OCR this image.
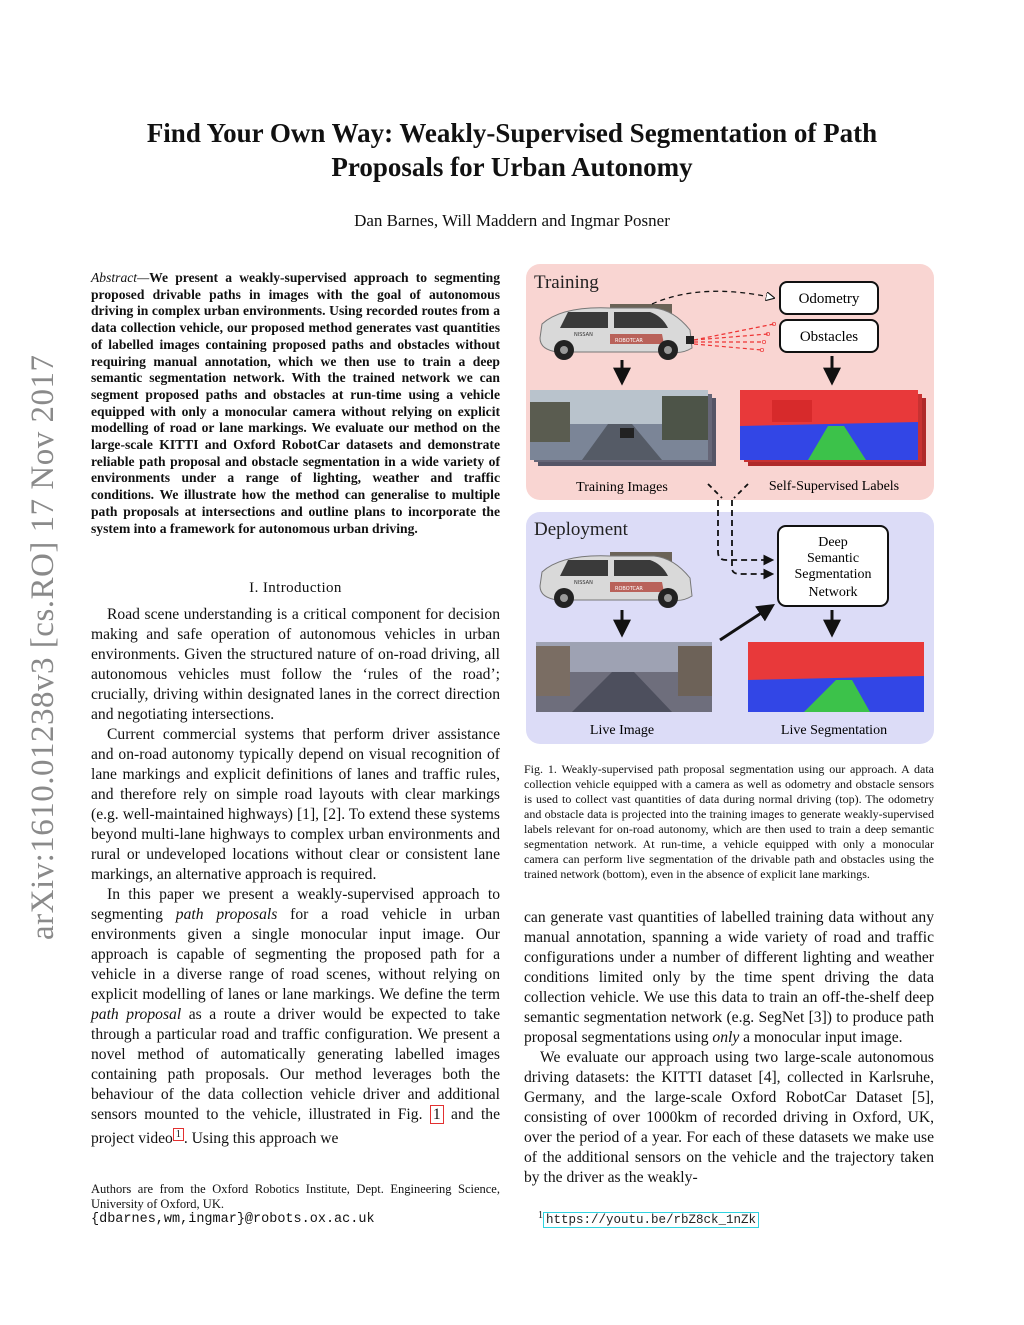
arXiv:1610.01238v3 [cs.RO] 17 Nov 2017
Find Your Own Way: Weakly-Supervised Segmentation of Path
Proposals for Urban Autonomy
Dan Barnes, Will Maddern and Ingmar Posner
Abstract—We present a weakly-supervised approach to segmenting proposed drivable paths in images with the goal of autonomous driving in complex urban environments. Using recorded routes from a data collection vehicle, our proposed method generates vast quantities of labelled images containing proposed paths and obstacles without requiring manual annotation, which we then use to train a deep semantic segmentation network. With the trained network we can segment proposed paths and obstacles at run-time using a vehicle equipped with only a monocular camera without relying on explicit modelling of road or lane markings. We evaluate our method on the large-scale KITTI and Oxford RobotCar datasets and demonstrate reliable path proposal and obstacle segmentation in a wide variety of environments under a range of lighting, weather and traffic conditions. We illustrate how the method can generalise to multiple path proposals at intersections and outline plans to incorporate the system into a framework for autonomous urban driving.
I. Introduction

Road scene understanding is a critical component for decision making and safe operation of autonomous vehicles in urban environments. Given the structured nature of on-road driving, all autonomous vehicles must follow the ‘rules of the road’; crucially, driving within designated lanes in the correct direction and negotiating intersections.

Current commercial systems that perform driver assistance and on-road autonomy typically depend on visual recognition of lane markings and explicit definitions of lanes and traffic rules, and therefore rely on simple road layouts with clear markings (e.g. well-maintained highways) [1], [2]. To extend these systems beyond multi-lane highways to complex urban environments and rural or undeveloped locations without clear or consistent lane markings, an alternative approach is required.

In this paper we present a weakly-supervised approach to segmenting path proposals for a road vehicle in urban environments given a single monocular input image. Our approach is capable of segmenting the proposed path for a vehicle in a diverse range of road scenes, without relying on explicit modelling of lanes or lane markings. We define the term path proposal as a route a driver would be expected to take through a particular road and traffic configuration. We present a novel method of automatically generating labelled images containing path proposals. Our method leverages both the behaviour of the data collection vehicle driver and additional sensors mounted to the vehicle, illustrated in Fig. 1 and the project video $^1$ . Using this approach we

Authors are from the Oxford Robotics Institute, Dept. Engineering Science, University of Oxford, UK.
{dbarnes,wm,ingmar}@robots.ox.ac.uk
Training
NISSAN
ROBOTCAR
Odometry
Obstacles
Training Images	Self-Supervised Labels
Deployment
Deep
Semantic
Segmentation
Network
NISSAN
ROBOTCAR
Live Image	Live Segmentation
Fig. 1. Weakly-supervised path proposal segmentation using our approach. A data collection vehicle equipped with a camera as well as odometry and obstacle sensors is used to collect vast quantities of data during normal driving (top). The odometry and obstacle data is projected into the training images to generate weakly-supervised labels relevant for on-road autonomy, which are then used to train a deep semantic segmentation network. At run-time, a vehicle equipped with only a monocular camera can perform live segmentation of the drivable path and obstacles using the trained network (bottom), even in the absence of explicit lane markings.

can generate vast quantities of labelled training data without any manual annotation, spanning a wide variety of road and traffic configurations under a number of different lighting and weather conditions limited only by the time spent driving the data collection vehicle. We use this data to train an off-the-shelf deep semantic segmentation network (e.g. SegNet [3]) to produce path proposal segmentations using only a monocular input image.

We evaluate our approach using two large-scale autonomous driving datasets: the KITTI dataset [4], collected in Karlsruhe, Germany, and the large-scale Oxford RobotCar Dataset [5], consisting of over 1000km of recorded driving in Oxford, UK, over the period of a year. For each of these datasets we make use of the additional sensors on the vehicle and the trajectory taken by the driver as the weakly-

$^1$ https://youtu.be/rbZ8ck_1nZk
